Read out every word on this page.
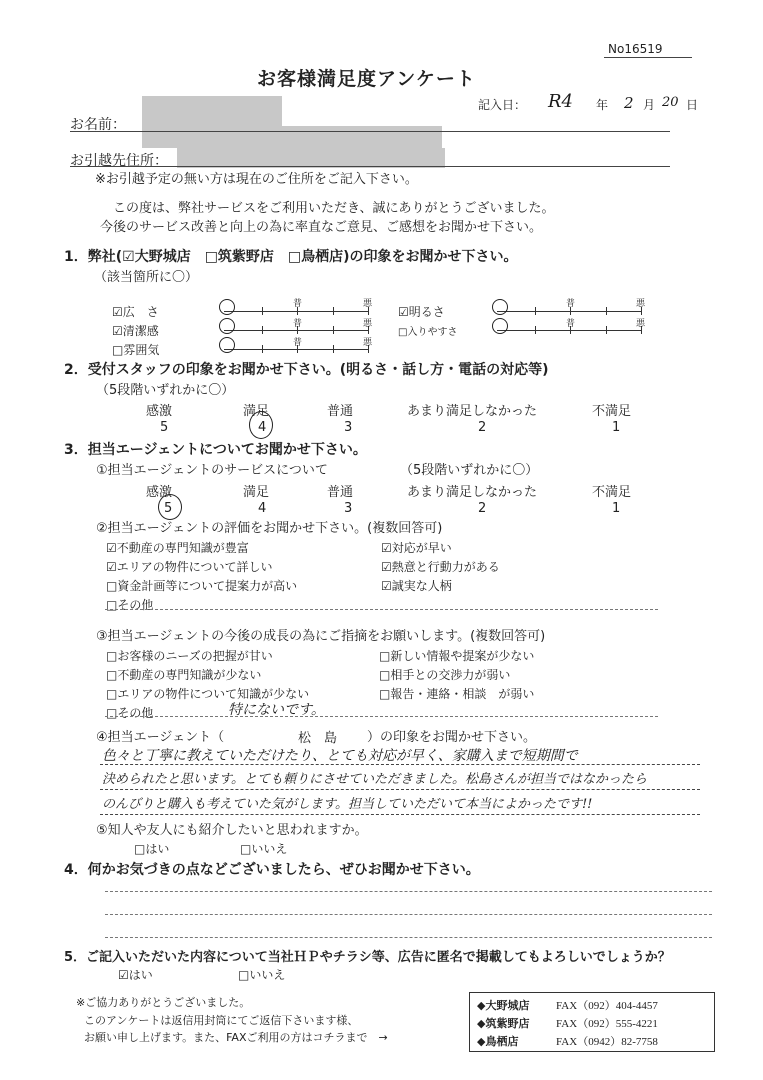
No16519
お客様満足度アンケート
記入日： R4 年 2 月 20 日
お名前：
お引越先住所：
※お引越予定の無い方は現在のご住所をご記入下さい。
この度は、弊社サービスをご利用いただき、誠にありがとうございました。
今後のサービス改善と向上の為に率直なご意見、ご感想をお聞かせ下さい。
1．弊社(☑大野城店　□筑紫野店　□鳥栖店)の印象をお聞かせ下さい。
（該当箇所に〇）
☑広　さ
☑清潔感
□雰囲気
☑明るさ
□入りやすさ
普	悪
普	悪
普	悪
普	悪
普	悪
2．受付スタッフの印象をお聞かせ下さい。(明るさ・話し方・電話の対応等)
（5段階いずれかに〇）
感激	満足	普通	あまり満足しなかった	不満足
5	4	3	2	1
3．担当エージェントについてお聞かせ下さい。
①担当エージェントのサービスについて	（5段階いずれかに〇）
感激	満足	普通	あまり満足しなかった	不満足
5	4	3	2	1
②担当エージェントの評価をお聞かせ下さい。(複数回答可)
☑不動産の専門知識が豊富
☑エリアの物件について詳しい
□資金計画等について提案力が高い
□その他
☑対応が早い
☑熱意と行動力がある
☑誠実な人柄
③担当エージェントの今後の成長の為にご指摘をお願いします。(複数回答可)
□お客様のニーズの把握が甘い
□不動産の専門知識が少ない
□エリアの物件について知識が少ない
□その他	特にないです。
□新しい情報や提案が少ない
□相手との交渉力が弱い
□報告・連絡・相談　が弱い
④担当エージェント（	松　島 ）の印象をお聞かせ下さい。
色々と丁寧に教えていただけたり、とても対応が早く、家購入まで短期間で
決められたと思います。とても頼りにさせていただきました。松島さんが担当ではなかったら
のんびりと購入も考えていた気がします。担当していただいて本当によかったです!!
⑤知人や友人にも紹介したいと思われますか。
□はい	□いいえ
4．何かお気づきの点などございましたら、ぜひお聞かせ下さい。
5．ご記入いただいた内容について当社ＨＰやチラシ等、広告に匿名で掲載してもよろしいでしょうか？
☑はい	□いいえ
※ご協力ありがとうございました。
このアンケートは返信用封筒にてご返信下さいます様、
お願い申し上げます。また、FAXご利用の方はコチラまで　→
◆大野城店 FAX（092）404-4457
◆筑紫野店 FAX（092）555-4221
◆鳥栖店	FAX（0942）82-7758
